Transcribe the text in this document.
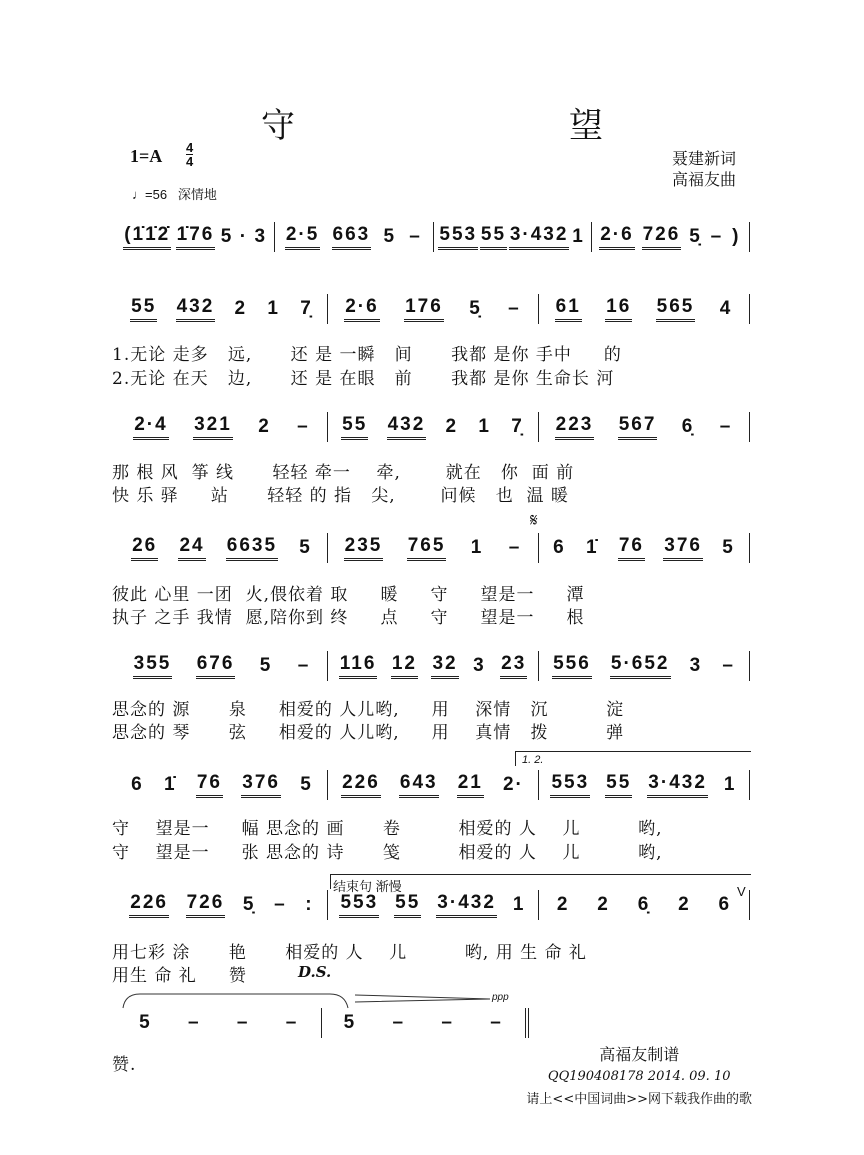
守　望
1=A 4
4
♩=56 深情地
聂建新词
高福友曲
(1̇1̇2̇ 1̇76 5 · 3 2·5 663 5 – 553 55 3·432 1 2·6 726 5̣ – )
55 432 2 1 7̣ 2·6 176 5̣ – 61 16 565 4
2·4 321 2 – 55 432 2 1 7̣ 223 567 6̣ –
26 24 6635 5 235 765 1 – 6 1̇ 76 376 5
355 676 5 – 116 12 32 3 23 556 5·652 3 –
6 1̇ 76 376 5 226 643 21 2· 553 55 3·432 1
226 726 5̣ – : 553 55 3·432 1 2 2 6̣ 2 6
5 – – – 5 – – –
1.无论 走多   远,      还 是 一瞬   间      我都 是你 手中     的
2.无论 在天   边,      还 是 在眼   前      我都 是你 生命长 河
那 根 风  筝 线      轻轻 牵一    牵,       就在   你  面 前
快 乐 驿     站      轻轻 的 指   尖,       问候   也  温 暖
彼此 心里 一团  火,偎依着 取     暖     守     望是一     潭
执子 之手 我情  愿,陪你到 终     点     守     望是一     根
思念的 源      泉     相爱的 人儿哟,     用    深情   沉         淀
思念的 琴      弦     相爱的 人儿哟,     用    真情   拨         弹
守    望是一     幅 思念的 画      卷         相爱的 人    儿         哟,
守    望是一     张 思念的 诗      笺         相爱的 人    儿         哟,
用七彩 涂      艳      相爱的 人    儿         哟, 用 生 命 礼
用生 命 礼     赞
赞.
𝄋
1. 2.
结束句 渐慢	V
D.S.
ppp
高福友制谱
QQ190408178 2014. 09. 10
请上<<中国词曲>>网下载我作曲的歌
